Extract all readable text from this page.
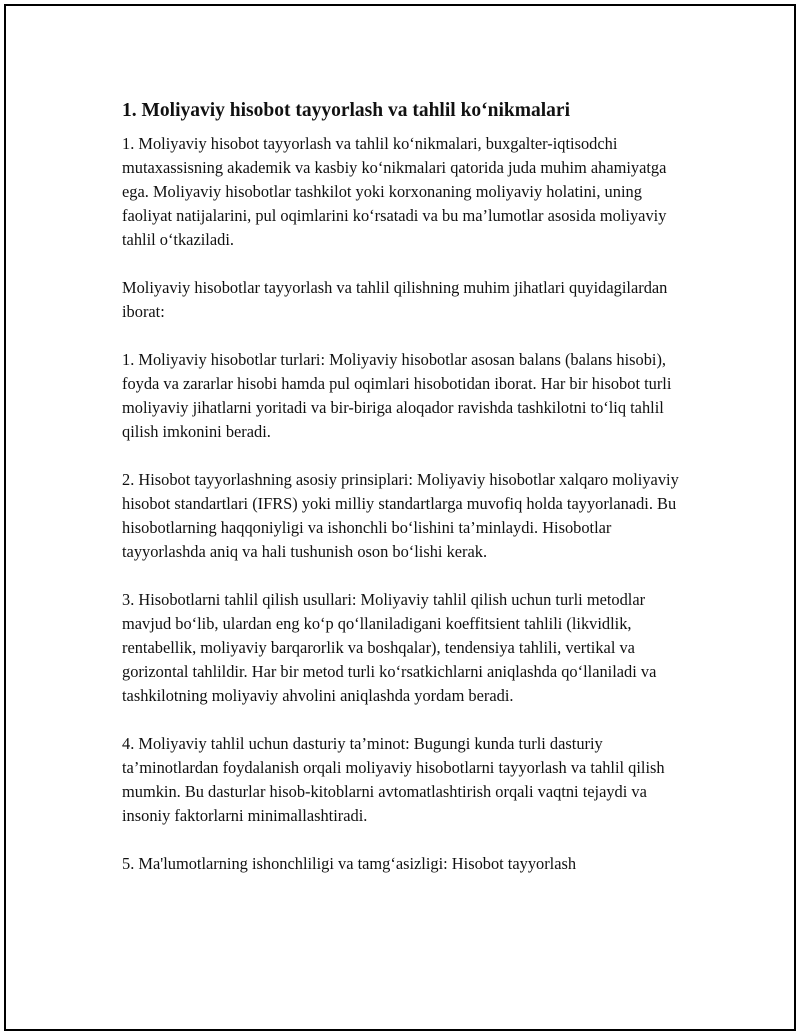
1. Moliyaviy hisobot tayyorlash va tahlil ko‘nikmalari

1. Moliyaviy hisobot tayyorlash va tahlil ko‘nikmalari, buxgalter-iqtisodchi mutaxassisning akademik va kasbiy ko‘nikmalari qatorida juda muhim ahamiyatga ega. Moliyaviy hisobotlar tashkilot yoki korxonaning moliyaviy holatini, uning faoliyat natijalarini, pul oqimlarini ko‘rsatadi va bu ma’lumotlar asosida moliyaviy tahlil o‘tkaziladi.

Moliyaviy hisobotlar tayyorlash va tahlil qilishning muhim jihatlari quyidagilardan iborat:

1. Moliyaviy hisobotlar turlari: Moliyaviy hisobotlar asosan balans (balans hisobi), foyda va zararlar hisobi hamda pul oqimlari hisobotidan iborat. Har bir hisobot turli moliyaviy jihatlarni yoritadi va bir-biriga aloqador ravishda tashkilotni to‘liq tahlil qilish imkonini beradi.

2. Hisobot tayyorlashning asosiy prinsiplari: Moliyaviy hisobotlar xalqaro moliyaviy hisobot standartlari (IFRS) yoki milliy standartlarga muvofiq holda tayyorlanadi. Bu hisobotlarning haqqoniyligi va ishonchli bo‘lishini ta’minlaydi. Hisobotlar tayyorlashda aniq va hali tushunish oson bo‘lishi kerak.

3. Hisobotlarni tahlil qilish usullari: Moliyaviy tahlil qilish uchun turli metodlar mavjud bo‘lib, ulardan eng ko‘p qo‘llaniladigani koeffitsient tahlili (likvidlik, rentabellik, moliyaviy barqarorlik va boshqalar), tendensiya tahlili, vertikal va gorizontal tahlildir. Har bir metod turli ko‘rsatkichlarni aniqlashda qo‘llaniladi va tashkilotning moliyaviy ahvolini aniqlashda yordam beradi.

4. Moliyaviy tahlil uchun dasturiy ta’minot: Bugungi kunda turli dasturiy ta’minotlardan foydalanish orqali moliyaviy hisobotlarni tayyorlash va tahlil qilish mumkin. Bu dasturlar hisob-kitoblarni avtomatlashtirish orqali vaqtni tejaydi va insoniy faktorlarni minimallashtiradi.

5. Ma'lumotlarning ishonchliligi va tamg‘asizligi: Hisobot tayyorlash
